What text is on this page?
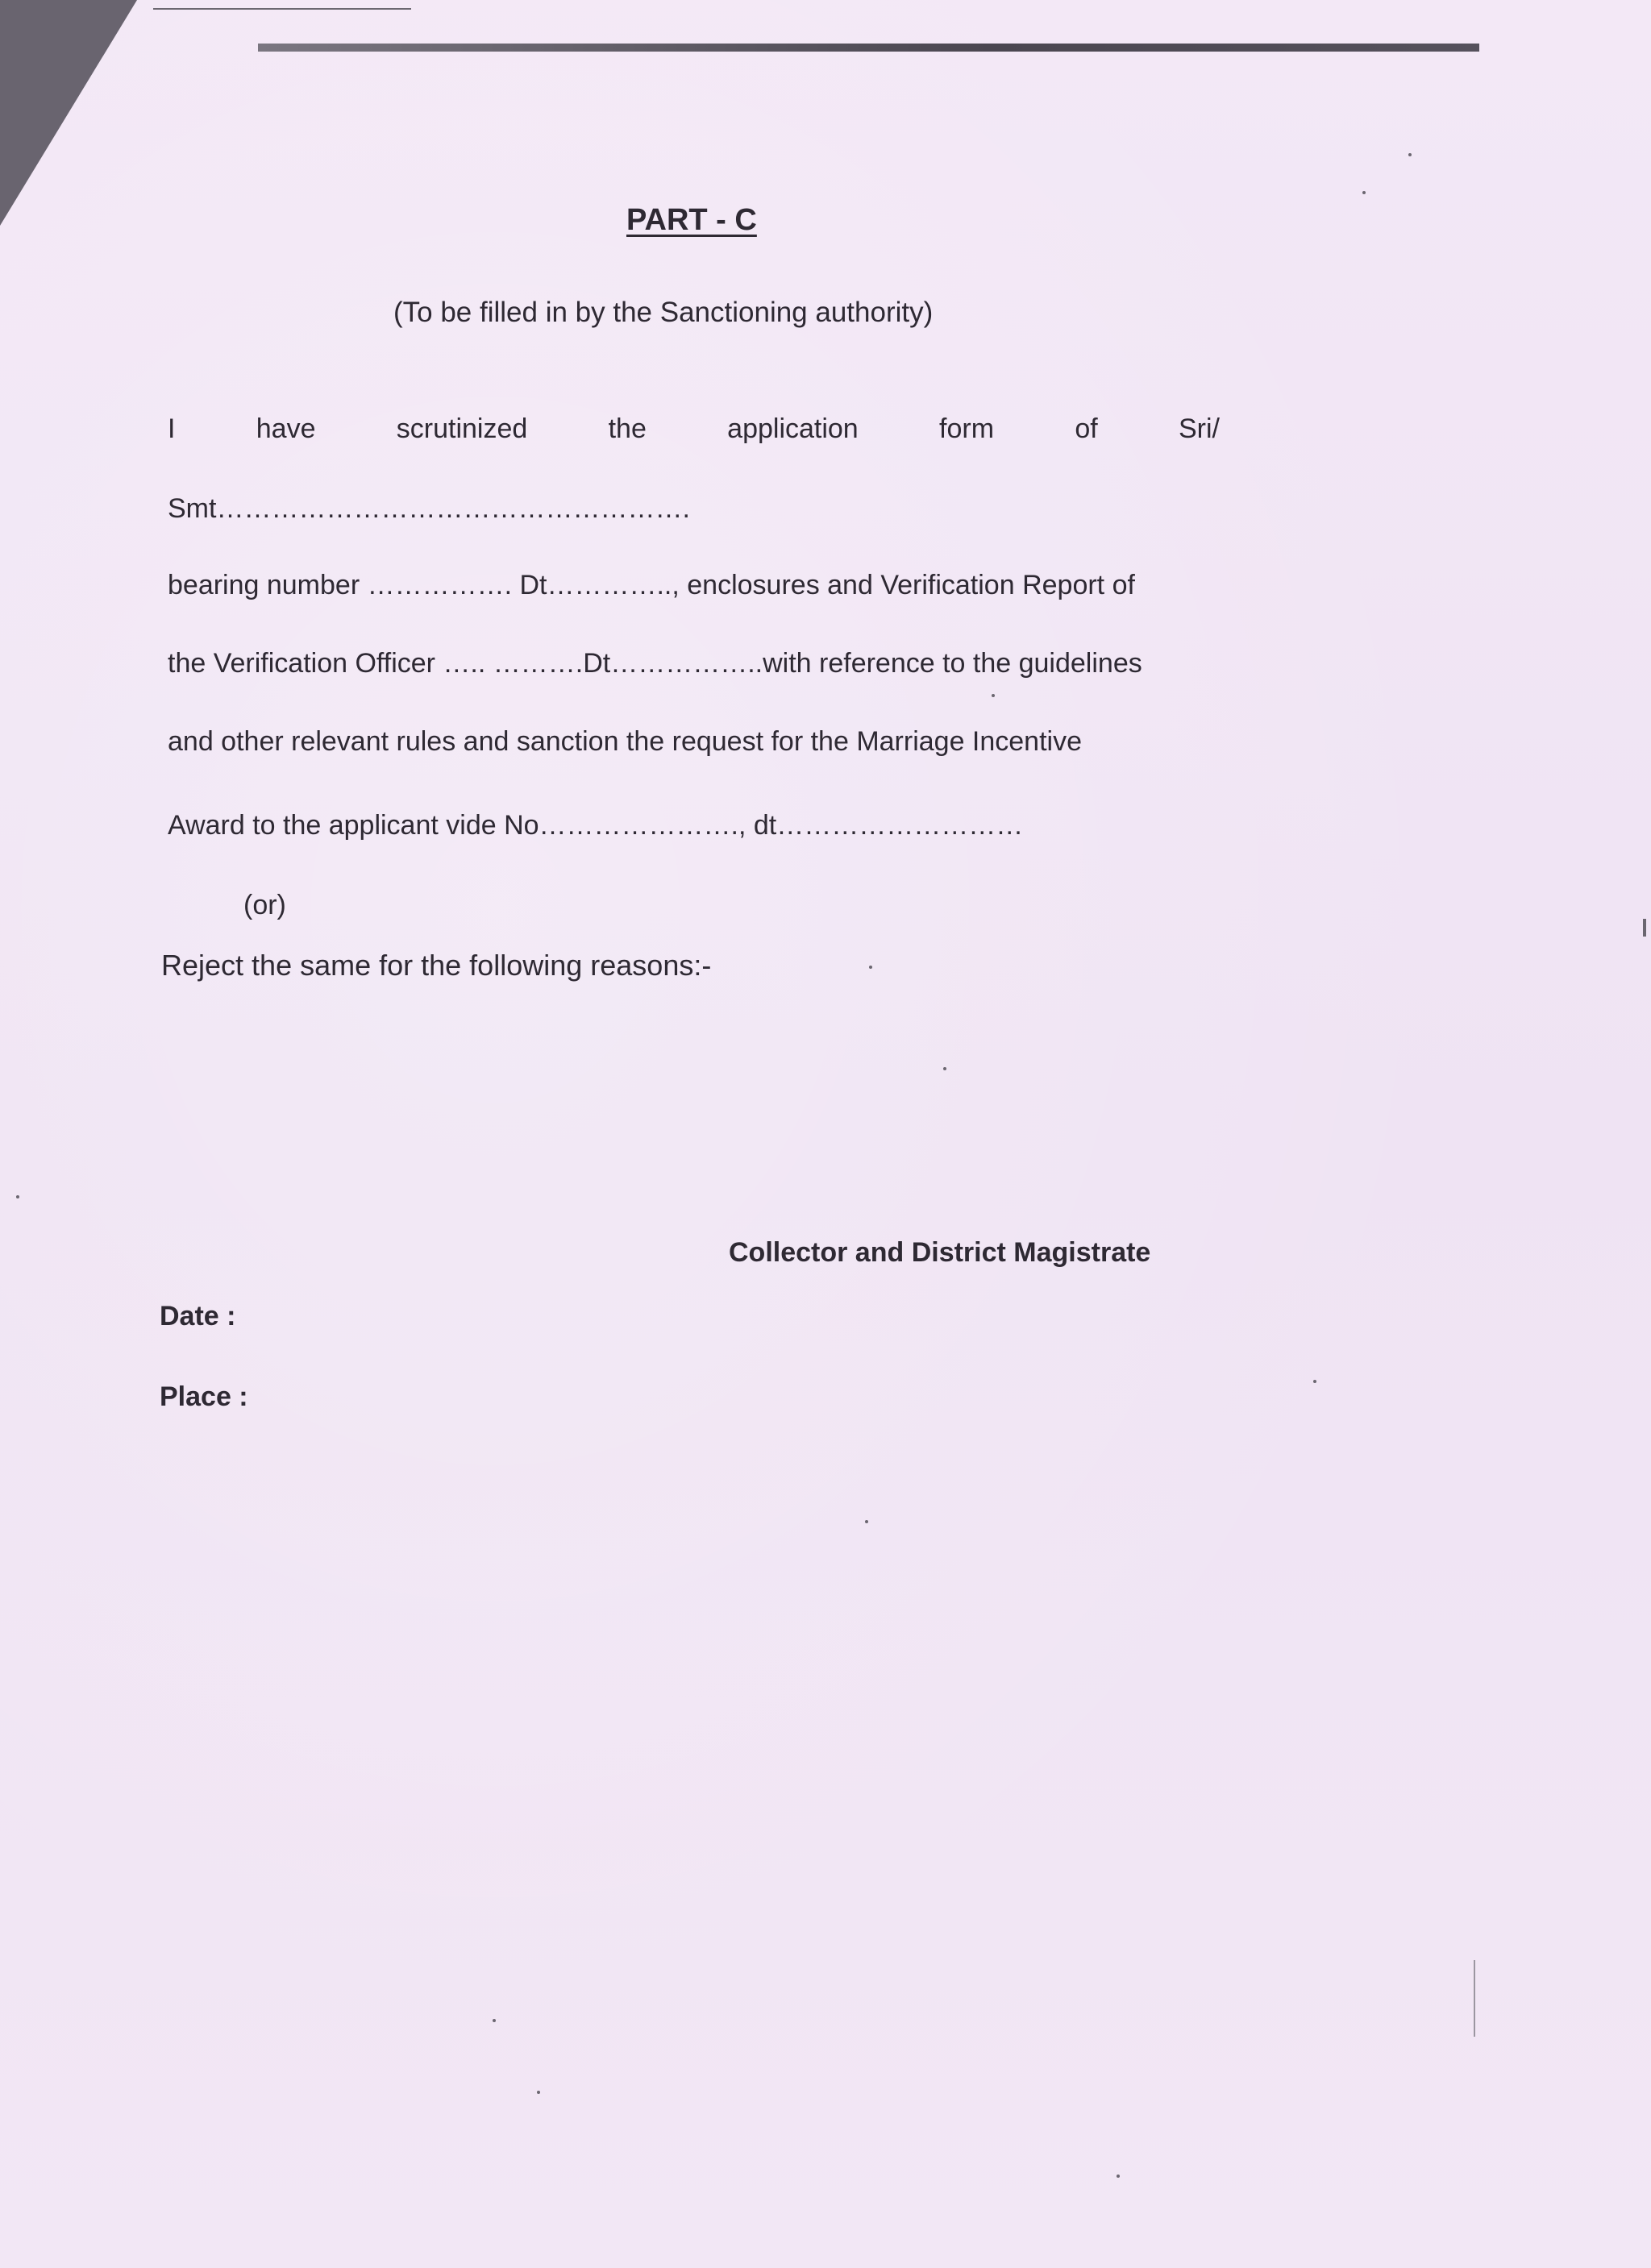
PART - C
(To be filled in by the Sanctioning authority)
I	have	scrutinized	the	application	form	of	Sri/
Smt…………………………………………….
bearing number ……………. Dt………….., enclosures and Verification Report of
the Verification Officer ….. ……….Dt……………..with reference to the guidelines
and other relevant rules and sanction the request for the Marriage Incentive
Award to the applicant vide No…………………., dt………………………
(or)
Reject the same for the following reasons:-
Collector and District Magistrate
Date :
Place :
